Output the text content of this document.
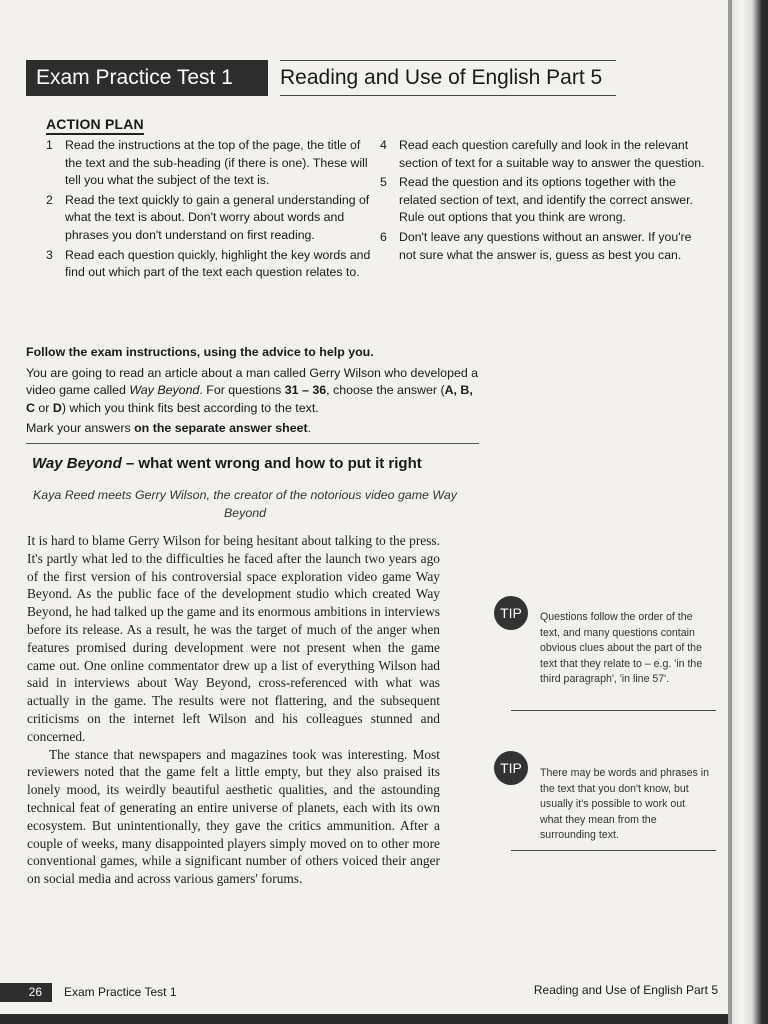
Exam Practice Test 1	Reading and Use of English Part 5
ACTION PLAN
1 Read the instructions at the top of the page, the title of the text and the sub-heading (if there is one). These will tell you what the subject of the text is.
2 Read the text quickly to gain a general understanding of what the text is about. Don't worry about words and phrases you don't understand on first reading.
3 Read each question quickly, highlight the key words and find out which part of the text each question relates to.
4 Read each question carefully and look in the relevant section of text for a suitable way to answer the question.
5 Read the question and its options together with the related section of text, and identify the correct answer. Rule out options that you think are wrong.
6 Don't leave any questions without an answer. If you're not sure what the answer is, guess as best you can.
Follow the exam instructions, using the advice to help you.
You are going to read an article about a man called Gerry Wilson who developed a video game called Way Beyond. For questions 31 – 36, choose the answer (A, B, C or D) which you think fits best according to the text.
Mark your answers on the separate answer sheet.
Way Beyond – what went wrong and how to put it right
Kaya Reed meets Gerry Wilson, the creator of the notorious video game Way Beyond

It is hard to blame Gerry Wilson for being hesitant about talking to the press. It's partly what led to the difficulties he faced after the launch two years ago of the first version of his controversial space exploration video game Way Beyond. As the public face of the development studio which created Way Beyond, he had talked up the game and its enormous ambitions in interviews before its release. As a result, he was the target of much of the anger when features promised during development were not present when the game came out. One online commentator drew up a list of everything Wilson had said in interviews about Way Beyond, cross-referenced with what was actually in the game. The results were not flattering, and the subsequent criticisms on the internet left Wilson and his colleagues stunned and concerned.

The stance that newspapers and magazines took was interesting. Most reviewers noted that the game felt a little empty, but they also praised its lonely mood, its weirdly beautiful aesthetic qualities, and the astounding technical feat of generating an entire universe of planets, each with its own ecosystem. But unintentionally, they gave the critics ammunition. After a couple of weeks, many disappointed players simply moved on to other more conventional games, while a significant number of others voiced their anger on social media and across various gamers' forums.

TIP	Questions follow the order of the text, and many questions contain obvious clues about the part of the text that they relate to – e.g. 'in the third paragraph', 'in line 57'.
TIP	There may be words and phrases in the text that you don't know, but usually it's possible to work out what they mean from the surrounding text.
26	Exam Practice Test 1	Reading and Use of English Part 5
